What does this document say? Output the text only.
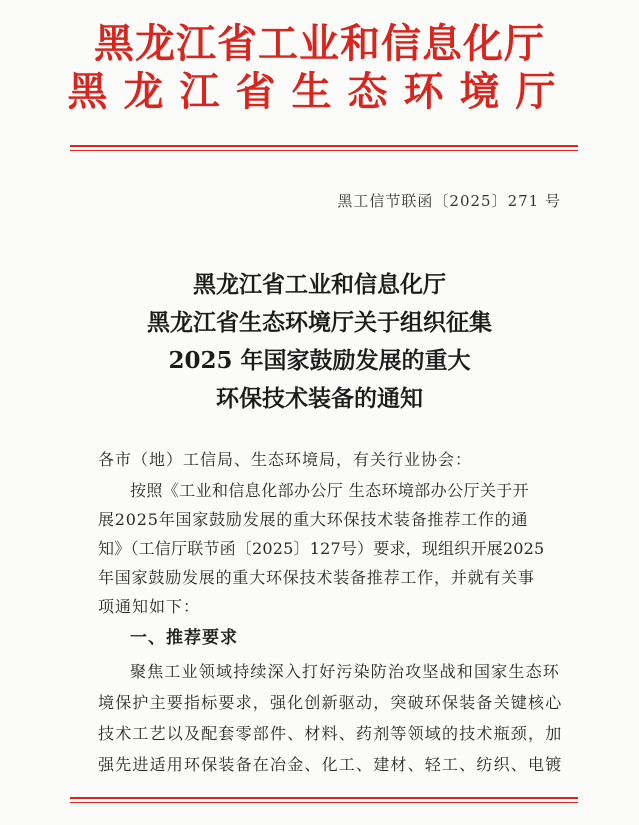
黑龙江省工业和信息化厅
黑龙江省生态环境厅
黑工信节联函〔2025〕271 号
黑龙江省工业和信息化厅
黑龙江省生态环境厅关于组织征集
2025 年国家鼓励发展的重大
环保技术装备的通知
各市（地）工信局、生态环境局，有关行业协会：
按照《工业和信息化部办公厅 生态环境部办公厅关于开
展2025年国家鼓励发展的重大环保技术装备推荐工作的通
知》（工信厅联节函〔2025〕127号）要求，现组织开展2025
年国家鼓励发展的重大环保技术装备推荐工作，并就有关事
项通知如下：
一、推荐要求
聚焦工业领域持续深入打好污染防治攻坚战和国家生态环
境保护主要指标要求，强化创新驱动，突破环保装备关键核心
技术工艺以及配套零部件、材料、药剂等领域的技术瓶颈，加
强先进适用环保装备在冶金、化工、建材、轻工、纺织、电镀
